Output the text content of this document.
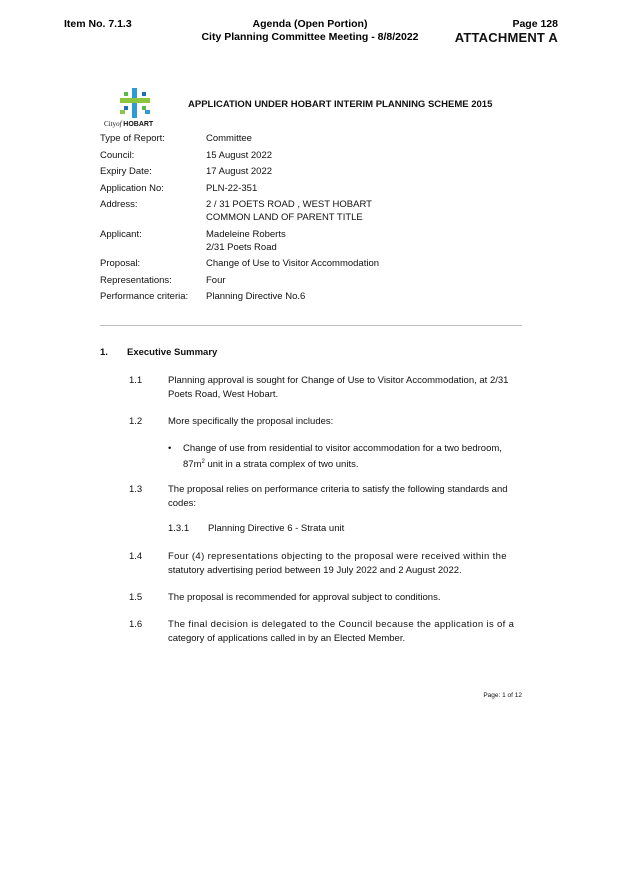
Item No. 7.1.3	Agenda (Open Portion)
City Planning Committee Meeting - 8/8/2022
Page 128
ATTACHMENT A
Cityof HOBART
APPLICATION UNDER HOBART INTERIM PLANNING SCHEME 2015
Type of Report:	Committee
Council:	15 August 2022
Expiry Date:	17 August 2022
Application No:	PLN-22-351
Address:	2 / 31 POETS ROAD , WEST HOBART
COMMON LAND OF PARENT TITLE
Applicant:	Madeleine Roberts
2/31 Poets Road
Proposal:	Change of Use to Visitor Accommodation
Representations:	Four
Performance criteria:	Planning Directive No.6
1. Executive Summary
1.1	Planning approval is sought for Change of Use to Visitor Accommodation, at 2/31
Poets Road, West Hobart.
1.2	More specifically the proposal includes:
• Change of use from residential to visitor accommodation for a two bedroom,
$87m^2$ unit in a strata complex of two units.
1.3	The proposal relies on performance criteria to satisfy the following standards and
codes:
1.3.1 Planning Directive 6 - Strata unit
1.4	Four (4) representations objecting to the proposal were received within the
statutory advertising period between 19 July 2022 and 2 August 2022.
1.5	The proposal is recommended for approval subject to conditions.
1.6	The final decision is delegated to the Council because the application is of a
category of applications called in by an Elected Member.
Page: 1 of 12
